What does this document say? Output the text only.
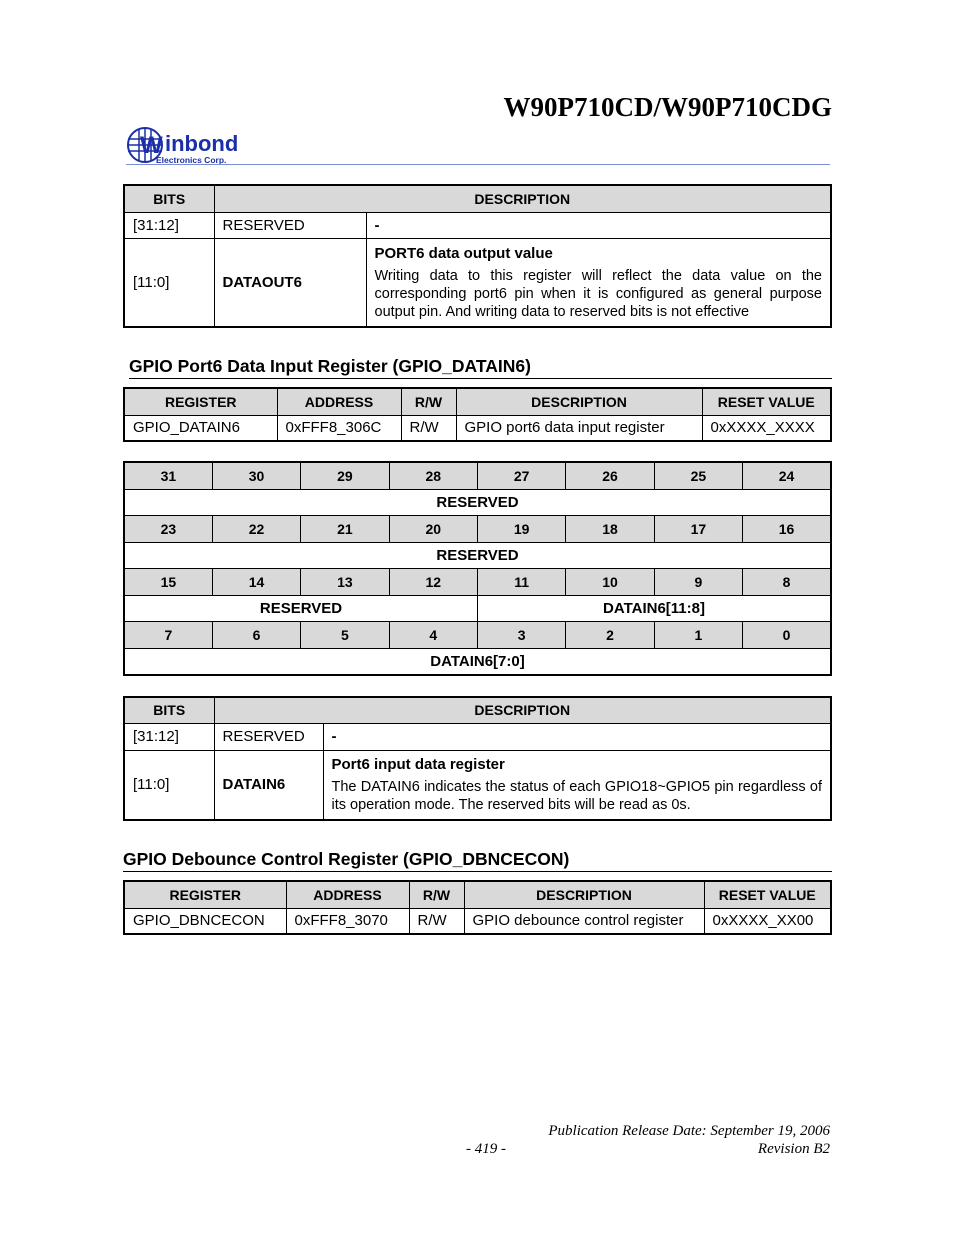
W90P710CD/W90P710CDG
W inbond
Electronics Corp.
BITS	DESCRIPTION	
[31:12]	RESERVED	-
[11:0]	DATAOUT6	PORT6 data output value
Writing data to this register will reflect the data value on the corresponding port6 pin when it is configured as general purpose output pin. And writing data to reserved bits is not effective
GPIO Port6 Data Input Register (GPIO_DATAIN6)
REGISTER	ADDRESS	R/W	DESCRIPTION	RESET VALUE
GPIO_DATAIN6	0xFFF8_306C	R/W	GPIO port6 data input register	0xXXXX_XXXX
31	30	29	28	27	26	25	24
RESERVED							
23	22	21	20	19	18	17	16
RESERVED							
15	14	13	12	11	10	9	8
RESERVED				DATAIN6[11:8]			
7	6	5	4	3	2	1	0
DATAIN6[7:0]							
BITS	DESCRIPTION	
[31:12]	RESERVED	-
[11:0]	DATAIN6	Port6 input data register
The DATAIN6 indicates the status of each GPIO18~GPIO5 pin regardless of its operation mode. The reserved bits will be read as 0s.
GPIO Debounce Control Register (GPIO_DBNCECON)
REGISTER	ADDRESS	R/W	DESCRIPTION	RESET VALUE
GPIO_DBNCECON	0xFFF8_3070	R/W	GPIO debounce control register	0xXXXX_XX00
Publication Release Date: September 19, 2006
- 419 -	Revision B2
